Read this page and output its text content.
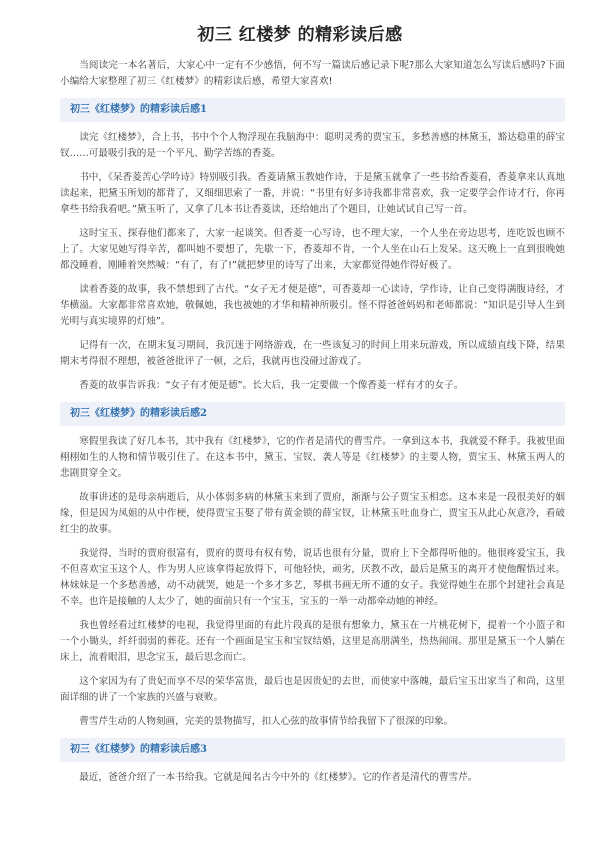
初三 红楼梦 的精彩读后感

当阅读完一本名著后，大家心中一定有不少感悟，何不写一篇读后感记录下呢?那么大家知道怎么写读后感吗?下面小编给大家整理了初三《红楼梦》的精彩读后感，希望大家喜欢!

初三《红楼梦》的精彩读后感1

读完《红楼梦》，合上书，书中个个人物浮现在我脑海中：聪明灵秀的贾宝玉，多愁善感的林黛玉，豁达稳重的薛宝钗……可最吸引我的是一个平凡、勤学苦练的香菱。

书中，《呆香菱苦心学吟诗》特别吸引我。香菱请黛玉教她作诗，于是黛玉就拿了一些书给香菱看，香菱拿来认真地读起来，把黛玉所划的都背了，又细细思索了一番，并说：“书里有好多诗我都非常喜欢，我一定要学会作诗才行，你再拿些书给我看吧。”黛玉听了，又拿了几本书让香菱读，还给她出了个题目，让她试试自己写一首。

这时宝玉、探春他们都来了，大家一起谈笑。但香菱一心写诗，也不理大家，一个人坐在旁边思考，连吃饭也顾不上了。大家见她写得辛苦，都叫她不要想了，先歇一下，香菱却不肯，一个人坐在山石上发呆。这天晚上一直到很晚她都没睡着，刚睡着突然喊：“有了，有了!”就把梦里的诗写了出来，大家都觉得她作得好极了。

读着香菱的故事，我不禁想到了古代。“女子无才便是德”，可香菱却一心读诗，学作诗，让自己变得满腹诗经，才华横溢。大家都非常喜欢她，敬佩她，我也被她的才华和精神所吸引。怪不得爸爸妈妈和老师都说：“知识是引导人生到光明与真实境界的灯烛”。

记得有一次，在期末复习期间，我沉迷于网络游戏，在一些该复习的时间上用来玩游戏，所以成绩直线下降，结果期末考得很不理想，被爸爸批评了一顿，之后，我就再也没碰过游戏了。

香菱的故事告诉我：“女子有才便是德”。长大后，我一定要做一个像香菱一样有才的女子。

初三《红楼梦》的精彩读后感2

寒假里我读了好几本书，其中我有《红楼梦》，它的作者是清代的曹雪芹。一拿到这本书，我就爱不释手。我被里面栩栩如生的人物和情节吸引住了。在这本书中，黛玉、宝钗、袭人等是《红楼梦》的主要人物，贾宝玉、林黛玉两人的悲剧贯穿全文。

故事讲述的是母亲病逝后，从小体弱多病的林黛玉来到了贾府，渐渐与公子贾宝玉相恋。这本来是一段很美好的姻缘，但是因为凤姐的从中作梗，使得贾宝玉娶了带有黄金锁的薛宝钗，让林黛玉吐血身亡，贾宝玉从此心灰意冷，看破红尘的故事。

我觉得，当时的贾府很富有，贾府的贾母有权有势，说话也很有分量，贾府上下全都得听他的。他很疼爱宝玉，我不但喜欢宝玉这个人，作为男人应该拿得起放得下，可他轻快，顽劣，厌教不改，最后是黛玉的离开才使他醒悟过来。林妹妹是一个多愁善感，动不动就哭，她是一个多才多艺，琴棋书画无所不通的女子。我觉得她生在那个封建社会真是不幸。也许是接触的人太少了，她的面前只有一个宝玉，宝玉的一举一动都牵动她的神经。

我也曾经看过红楼梦的电视，我觉得里面的有此片段真的是很有想象力，黛玉在一片桃花树下，提着一个小篮子和一个小锄头，纤纤弱弱的葬花。还有一个画面是宝玉和宝钗结婚，这里是高朋满坐，热热闹闹。那里是黛玉一个人躺在床上，流着眼泪，思念宝玉，最后思念而亡。

这个家因为有了贵妃而享不尽的荣华富贵，最后也是因贵妃的去世，而使家中落魄，最后宝玉出家当了和尚，这里面详细的讲了一个家族的兴盛与衰败。

曹雪芹生动的人物刻画，完美的景物描写，扣人心弦的故事情节给我留下了很深的印象。

初三《红楼梦》的精彩读后感3

最近，爸爸介绍了一本书给我。它就是闻名古今中外的《红楼梦》。它的作者是清代的曹雪芹。
